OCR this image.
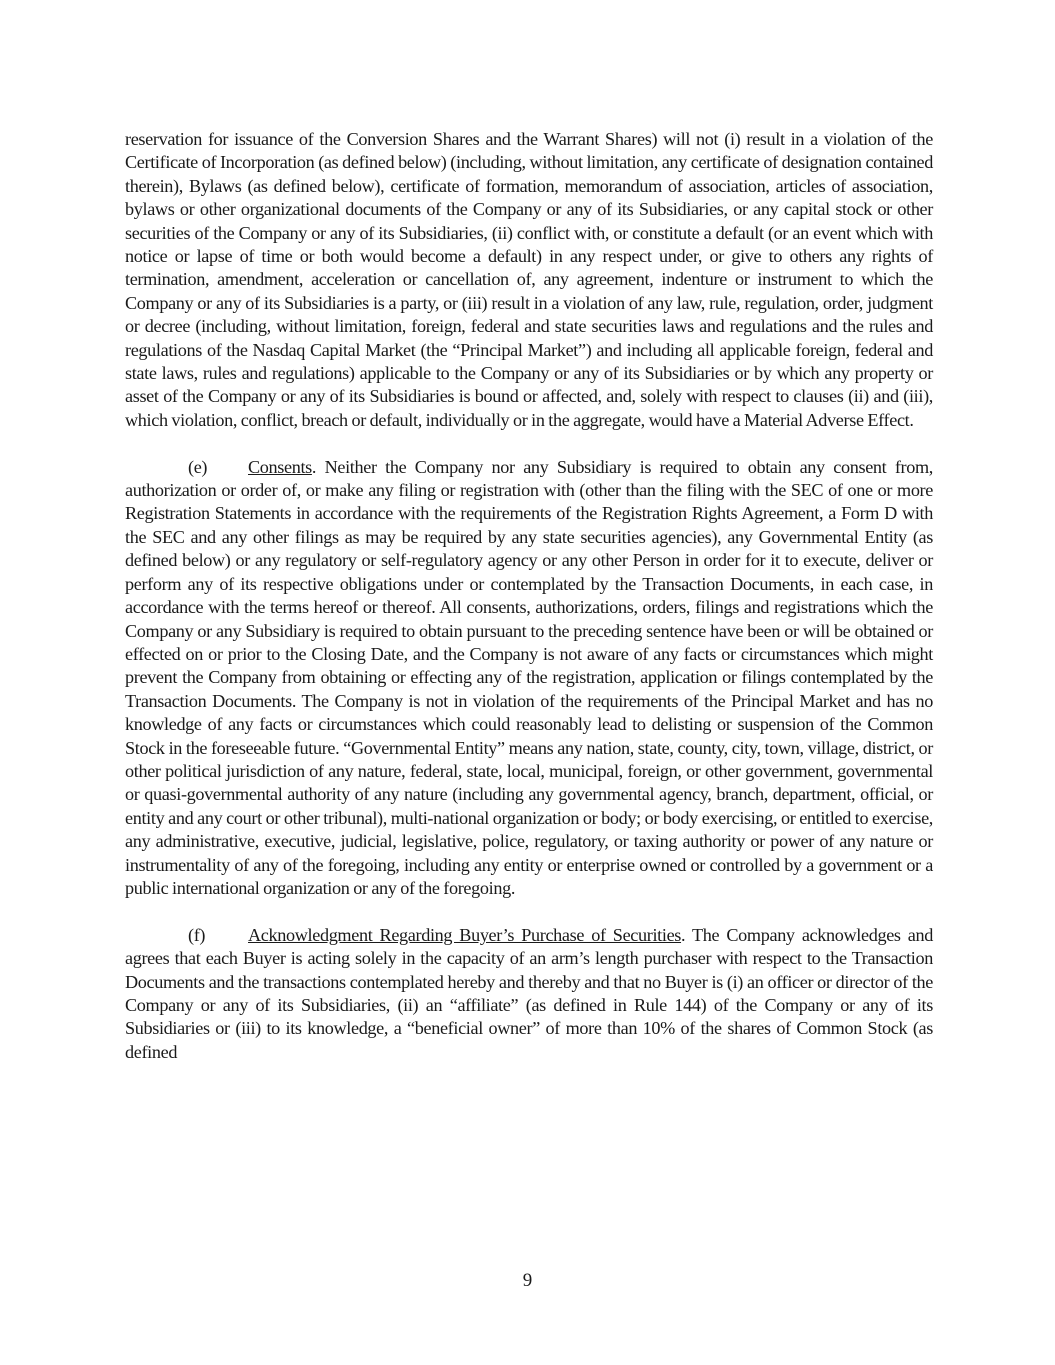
reservation for issuance of the Conversion Shares and the Warrant Shares) will not (i) result in a violation of the Certificate of Incorporation (as defined below) (including, without limitation, any certificate of designation contained therein), Bylaws (as defined below), certificate of formation, memorandum of association, articles of association, bylaws or other organizational documents of the Company or any of its Subsidiaries, or any capital stock or other securities of the Company or any of its Subsidiaries, (ii) conflict with, or constitute a default (or an event which with notice or lapse of time or both would become a default) in any respect under, or give to others any rights of termination, amendment, acceleration or cancellation of, any agreement, indenture or instrument to which the Company or any of its Subsidiaries is a party, or (iii) result in a violation of any law, rule, regulation, order, judgment or decree (including, without limitation, foreign, federal and state securities laws and regulations and the rules and regulations of the Nasdaq Capital Market (the “Principal Market”) and including all applicable foreign, federal and state laws, rules and regulations) applicable to the Company or any of its Subsidiaries or by which any property or asset of the Company or any of its Subsidiaries is bound or affected, and, solely with respect to clauses (ii) and (iii), which violation, conflict, breach or default, individually or in the aggregate, would have a Material Adverse Effect.

(e) Consents. Neither the Company nor any Subsidiary is required to obtain any consent from, authorization or order of, or make any filing or registration with (other than the filing with the SEC of one or more Registration Statements in accordance with the requirements of the Registration Rights Agreement, a Form D with the SEC and any other filings as may be required by any state securities agencies), any Governmental Entity (as defined below) or any regulatory or self-regulatory agency or any other Person in order for it to execute, deliver or perform any of its respective obligations under or contemplated by the Transaction Documents, in each case, in accordance with the terms hereof or thereof. All consents, authorizations, orders, filings and registrations which the Company or any Subsidiary is required to obtain pursuant to the preceding sentence have been or will be obtained or effected on or prior to the Closing Date, and the Company is not aware of any facts or circumstances which might prevent the Company from obtaining or effecting any of the registration, application or filings contemplated by the Transaction Documents. The Company is not in violation of the requirements of the Principal Market and has no knowledge of any facts or circumstances which could reasonably lead to delisting or suspension of the Common Stock in the foreseeable future. “Governmental Entity” means any nation, state, county, city, town, village, district, or other political jurisdiction of any nature, federal, state, local, municipal, foreign, or other government, governmental or quasi-governmental authority of any nature (including any governmental agency, branch, department, official, or entity and any court or other tribunal), multi-national organization or body; or body exercising, or entitled to exercise, any administrative, executive, judicial, legislative, police, regulatory, or taxing authority or power of any nature or instrumentality of any of the foregoing, including any entity or enterprise owned or controlled by a government or a public international organization or any of the foregoing.

(f) Acknowledgment Regarding Buyer’s Purchase of Securities. The Company acknowledges and agrees that each Buyer is acting solely in the capacity of an arm’s length purchaser with respect to the Transaction Documents and the transactions contemplated hereby and thereby and that no Buyer is (i) an officer or director of the Company or any of its Subsidiaries, (ii) an “affiliate” (as defined in Rule 144) of the Company or any of its Subsidiaries or (iii) to its knowledge, a “beneficial owner” of more than 10% of the shares of Common Stock (as defined

9
